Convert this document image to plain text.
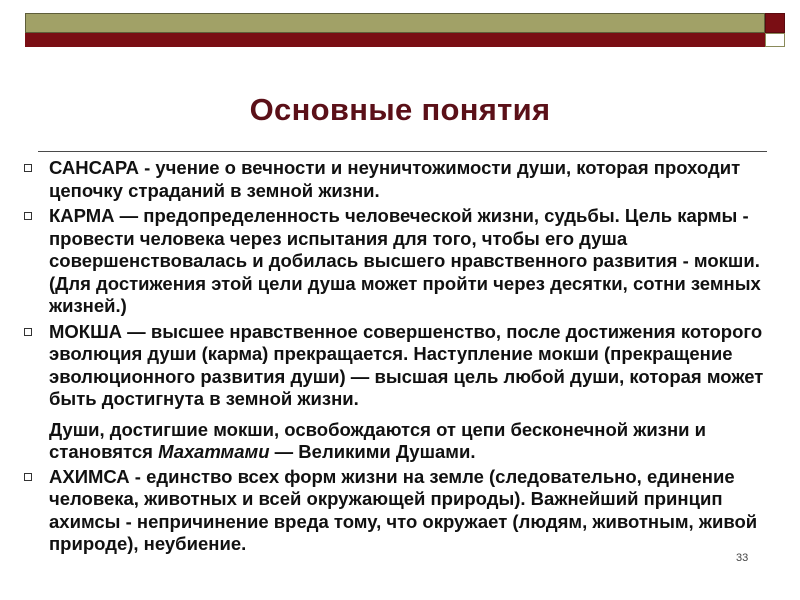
Основные понятия
САНСАРА - учение о вечности и неуничтожимости души, которая проходит цепочку страданий в земной жизни.
КАРМА — предопределенность человеческой жизни, судьбы. Цель кармы - провести человека через испытания для того, чтобы его душа совершенствовалась и добилась высшего нравственного развития - мокши. (Для достижения этой цели душа может пройти через десятки, сотни земных жизней.)
МОКША — высшее нравственное совершенство, после достижения которого эволюция души (карма) прекращается. Наступление мокши (прекращение эволюционного развития души) — высшая цель любой души, которая может быть достигнута в земной жизни.
Души, достигшие мокши, освобождаются от цепи бесконечной жизни и становятся Махатмами — Великими Душами.
АХИМСА - единство всех форм жизни на земле (следовательно, единение человека, животных и всей окружающей природы). Важнейший принцип ахимсы - непричинение вреда тому, что окружает (людям, животным, живой природе), неубиение.
33
